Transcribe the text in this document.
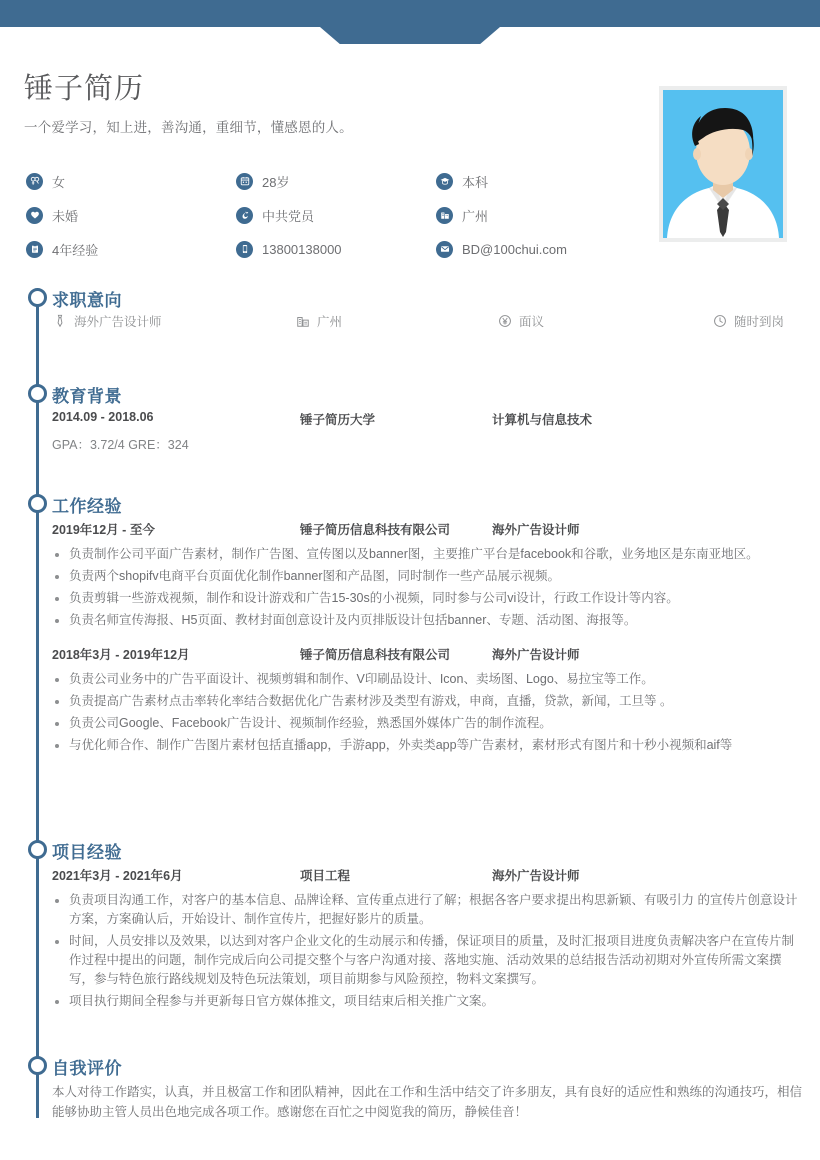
锤子简历
一个爱学习，知上进，善沟通，重细节，懂感恩的人。
女	28岁	本科
未婚	中共党员	广州
4年经验	13800138000	BD@100chui.com
求职意向
海外广告设计师	广州	面议	随时到岗
教育背景
2014.09 - 2018.06	锤子简历大学	计算机与信息技术
GPA：3.72/4 GRE：324
工作经验
2019年12月 - 至今	锤子简历信息科技有限公司	海外广告设计师
负责制作公司平面广告素材，制作广告图、宣传图以及banner图，主要推广平台是facebook和谷歌，业务地区是东南亚地区。
负责两个shopifv电商平台页面优化制作banner图和产品图，同时制作一些产品展示视频。
负责剪辑一些游戏视频，制作和设计游戏和广告15-30s的小视频，同时参与公司vi设计，行政工作设计等内容。
负责名师宣传海报、H5页面、教材封面创意设计及内页排版设计包括banner、专题、活动图、海报等。
2018年3月 - 2019年12月	锤子简历信息科技有限公司	海外广告设计师
负责公司业务中的广告平面设计、视频剪辑和制作、V印刷品设计、Icon、卖场图、Logo、易拉宝等工作。
负责提高广告素材点击率转化率结合数据优化广告素材涉及类型有游戏，申商，直播，贷款，新闻，工旦等 。
负责公司Google、Facebook广告设计、视频制作经验，熟悉国外媒体广告的制作流程。
与优化师合作、制作广告图片素材包括直播app，手游app，外卖类app等广告素材，素材形式有图片和十秒小视频和aif等
项目经验
2021年3月 - 2021年6月	项目工程	海外广告设计师
负责项目沟通工作，对客户的基本信息、品牌诠释、宣传重点进行了解；根据各客户要求提出构思新颖、有吸引力 的宣传片创意设计方案，方案确认后，开始设计、制作宣传片，把握好影片的质量。
时间，人员安排以及效果，以达到对客户企业文化的生动展示和传播，保证项目的质量，及时汇报项目进度负责解决客户在宣传片制作过程中提出的问题，制作完成后向公司提交整个与客户沟通对接、落地实施、活动效果的总结报告活动初期对外宣传所需文案撰写，参与特色旅行路线规划及特色玩法策划，项目前期参与风险预控，物料文案撰写。
项目执行期间全程参与并更新每日官方媒体推文，项目结束后相关推广文案。
自我评价
本人对待工作踏实，认真，并且极富工作和团队精神，因此在工作和生活中结交了许多朋友，具有良好的适应性和熟练的沟通技巧，相信能够协助主管人员出色地完成各项工作。感谢您在百忙之中阅览我的简历，静候佳音！
